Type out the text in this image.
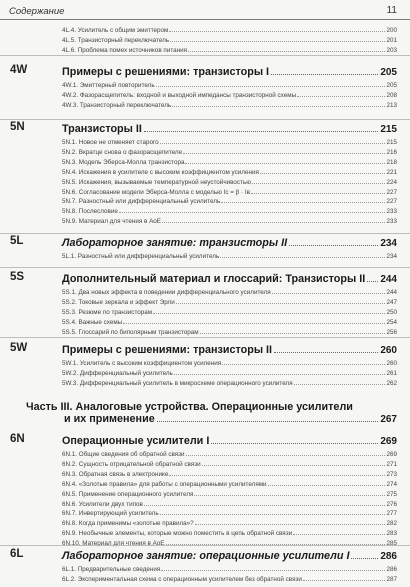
Содержание	11
4L.4. Усилитель с общим эмиттером	200
4L.5. Транзисторный переключатель	201
4L.6. Проблема помех источников питания	203
4W	Примеры с решениями: транзисторы I	205
4W.1. Эмиттерный повторитель	205
4W.2. Фазорасщепитель: входной и выходной импедансы транзисторной схемы	208
4W.3. Транзисторный переключатель	213
5N	Транзисторы II	215
5N.1. Новое не отменяет старого	215
5N.2. Вкратце снова о фазорасщепителе	216
5N.3. Модель Эберса-Молла транзистора	218
5N.4. Искажения в усилителе с высоким коэффициентом усиления	221
5N.5. Искажения, вызываемые температурной неустойчивостью	224
5N.6. Согласование модели Эберса-Молла с моделью Iс = β · Iв	227
5N.7. Разностный или дифференциальный усилитель	227
5N.8. Послесловие	233
5N.9. Материал для чтения в AoE	233
5L	Лабораторное занятие: транзисторы II	234
5L.1. Разностный или дифференциальный усилитель	234
5S	Дополнительный материал и глоссарий: Транзисторы II 244
5S.1. Два новых эффекта в поведении дифференциального усилителя	244
5S.2. Токовые зеркала и эффект Эрли	247
5S.3. Резюме по транзисторам	250
5S.4. Важные схемы	254
5S.5. Глоссарий по биполярным транзисторам	256
5W	Примеры с решениями: транзисторы II	260
5W.1. Усилитель с высоким коэффициентом усиления	260
5W.2. Дифференциальный усилитель	261
5W.3. Дифференциальный усилитель в микросхеме операционного усилителя	262
Часть III. Аналоговые устройства. Операционные усилители
и их применение	267
6N	Операционные усилители I	269
6N.1. Общие сведения об обратной связи	269
6N.2. Сущность отрицательной обратной связи	271
6N.3. Обратная связь в электронике	273
6N.4. «Золотые правила» для работы с операционными усилителями	274
6N.5. Применение операционного усилителя	275
6N.6. Усилители двух типов	276
6N.7. Инвертирующий усилитель	277
6N.8. Когда применимы «золотые правила»?	282
6N.9. Необычные элементы, которые можно поместить в цепь обратной связи	283
6N.10. Материал для чтения в AoE	285
6L	Лабораторное занятие: операционные усилители I	286
6L.1. Предварительные сведения	286
6L.2. Экспериментальная схема с операционным усилителем без обратной связи	287
